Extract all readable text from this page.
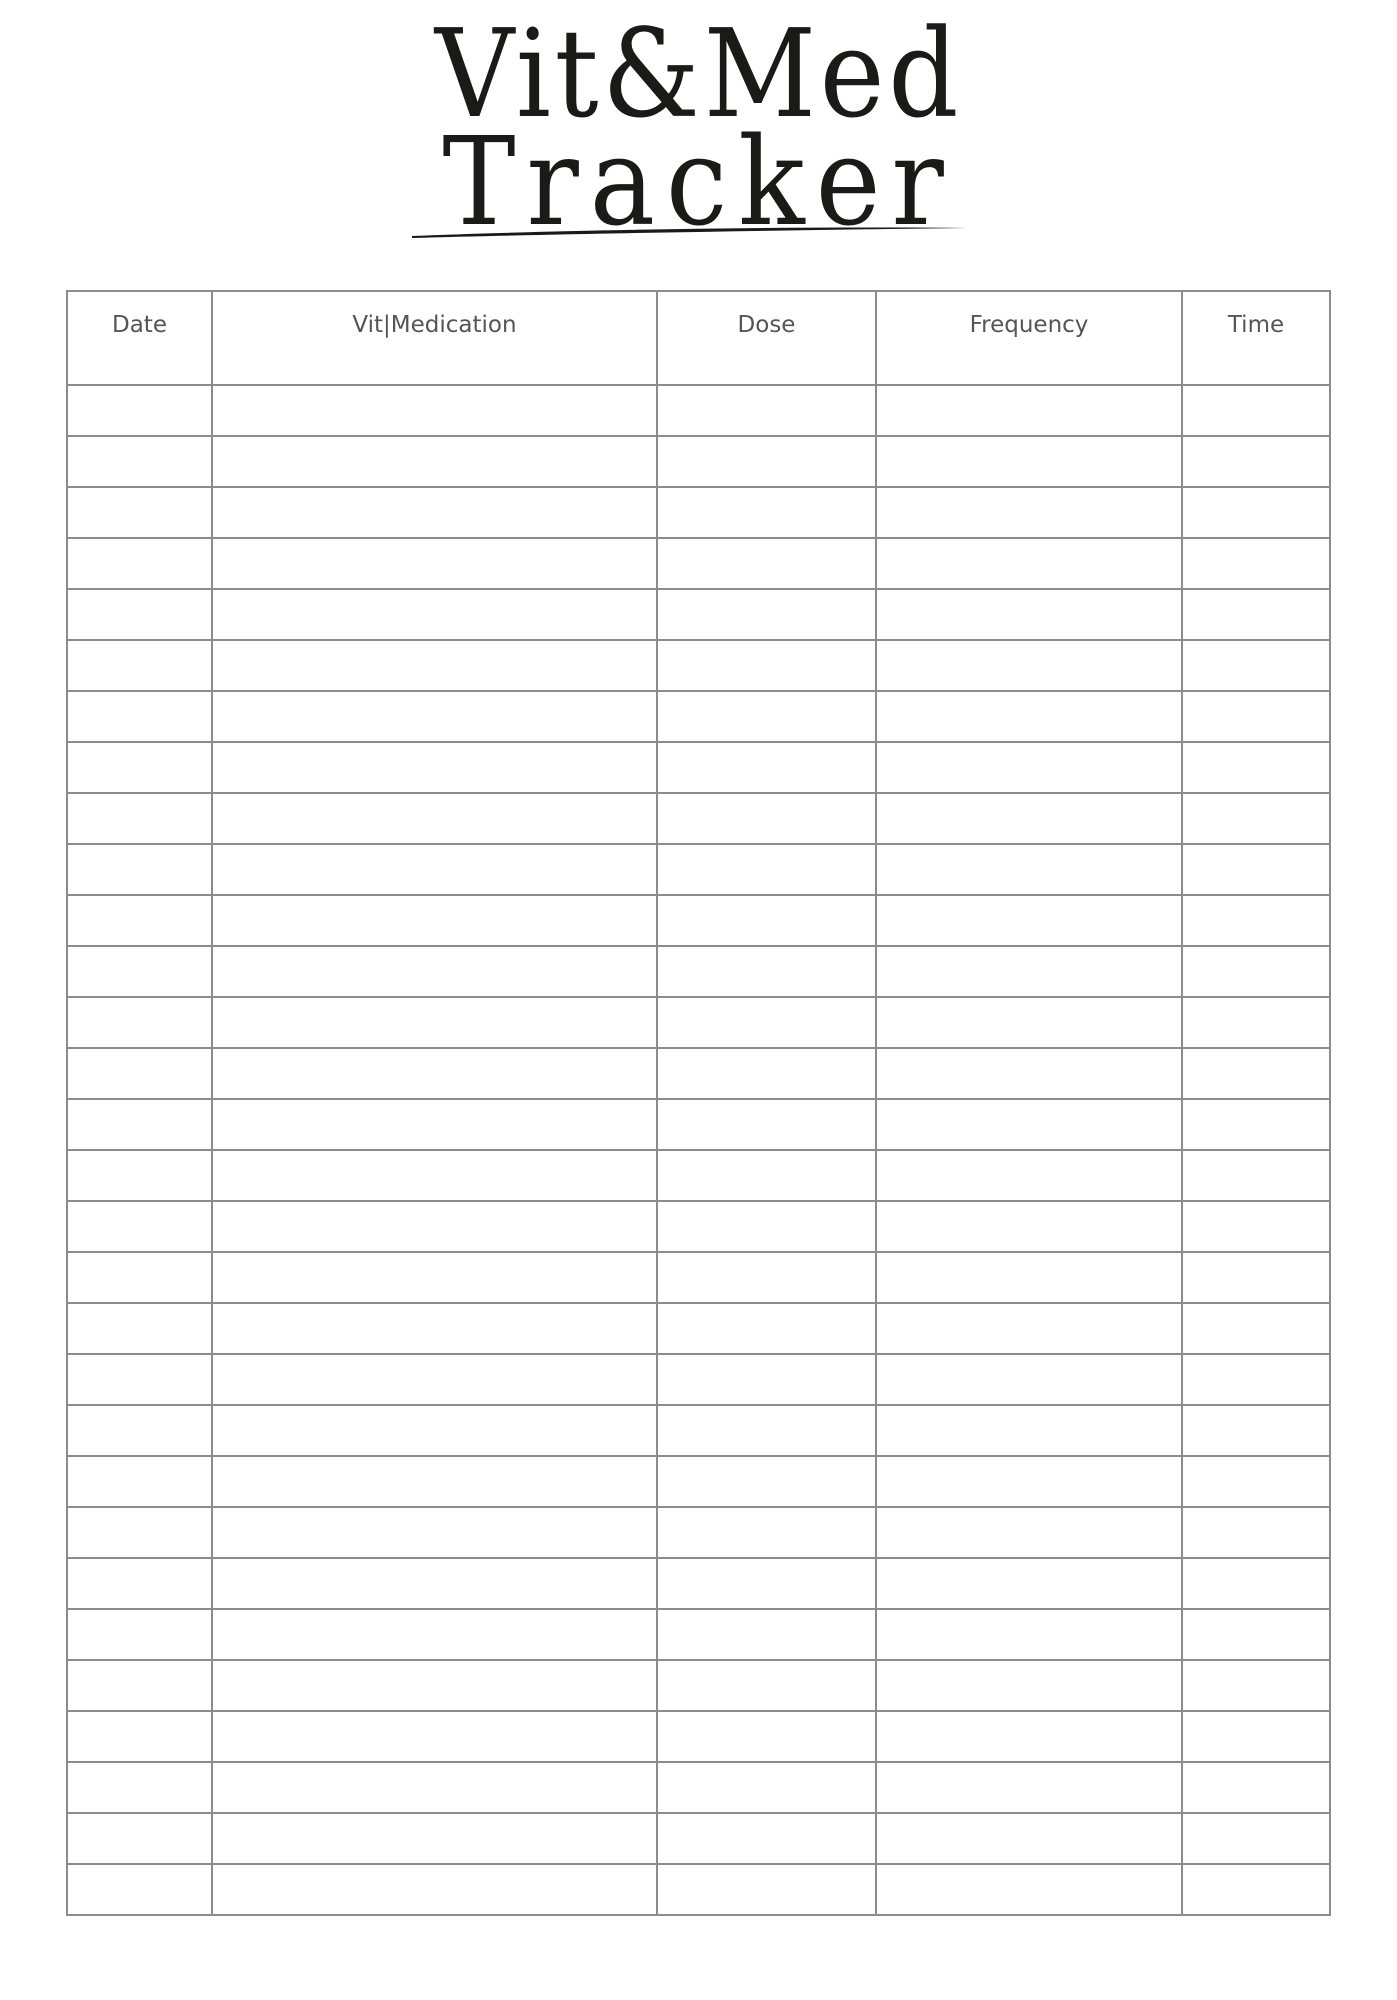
Vit&Med
Tracker
Date	Vit|Medication	Dose	Frequency	Time
